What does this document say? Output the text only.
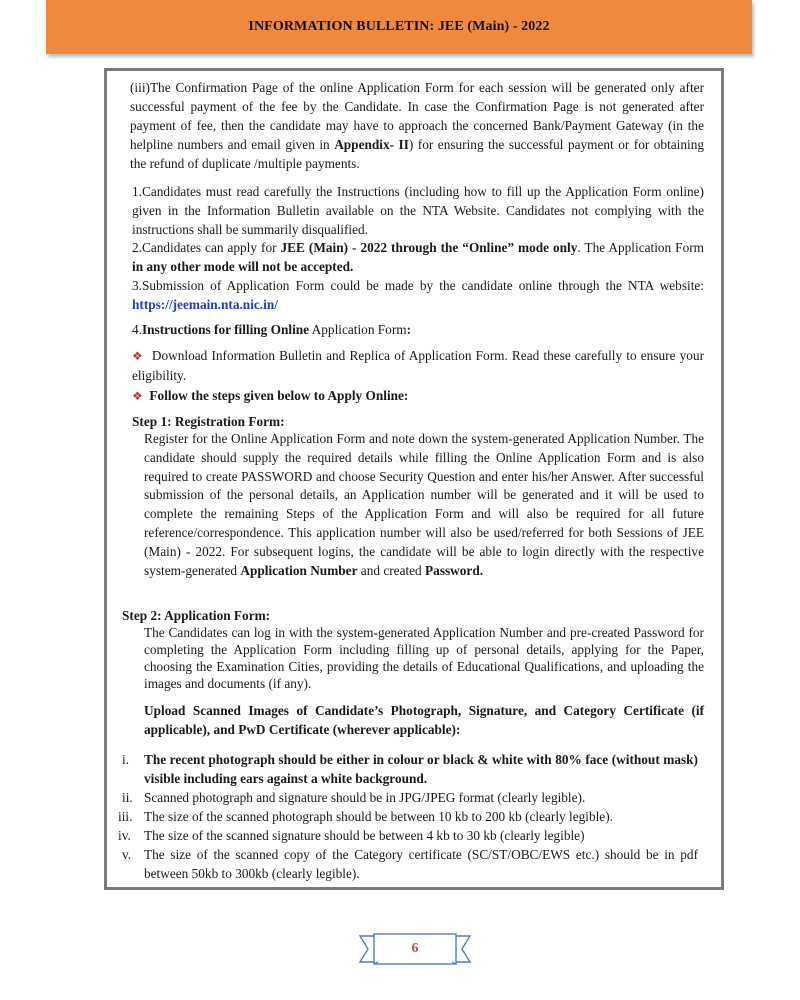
INFORMATION BULLETIN: JEE (Main) - 2022
(iii)The Confirmation Page of the online Application Form for each session will be generated only after successful payment of the fee by the Candidate. In case the Confirmation Page is not generated after payment of fee, then the candidate may have to approach the concerned Bank/Payment Gateway (in the helpline numbers and email given in Appendix- II) for ensuring the successful payment or for obtaining the refund of duplicate /multiple payments.
1.Candidates must read carefully the Instructions (including how to fill up the Application Form online) given in the Information Bulletin available on the NTA Website. Candidates not complying with the instructions shall be summarily disqualified.
2.Candidates can apply for JEE (Main) - 2022 through the “Online” mode only. The Application Form in any other mode will not be accepted.
3.Submission of Application Form could be made by the candidate online through the NTA website: https://jeemain.nta.nic.in/
4.Instructions for filling Online Application Form:
❖ Download Information Bulletin and Replica of Application Form. Read these carefully to ensure your eligibility.
❖ Follow the steps given below to Apply Online:
Step 1: Registration Form:
Register for the Online Application Form and note down the system-generated Application Number. The candidate should supply the required details while filling the Online Application Form and is also required to create PASSWORD and choose Security Question and enter his/her Answer. After successful submission of the personal details, an Application number will be generated and it will be used to complete the remaining Steps of the Application Form and will also be required for all future reference/correspondence. This application number will also be used/referred for both Sessions of JEE (Main) - 2022. For subsequent logins, the candidate will be able to login directly with the respective system-generated Application Number and created Password.
Step 2: Application Form:
The Candidates can log in with the system-generated Application Number and pre-created Password for completing the Application Form including filling up of personal details, applying for the Paper, choosing the Examination Cities, providing the details of Educational Qualifications, and uploading the images and documents (if any).
Upload Scanned Images of Candidate’s Photograph, Signature, and Category Certificate (if applicable), and PwD Certificate (wherever applicable):
i. The recent photograph should be either in colour or black & white with 80% face (without mask) visible including ears against a white background.
ii. Scanned photograph and signature should be in JPG/JPEG format (clearly legible).
iii. The size of the scanned photograph should be between 10 kb to 200 kb (clearly legible).
iv. The size of the scanned signature should be between 4 kb to 30 kb (clearly legible)
v. The size of the scanned copy of the Category certificate (SC/ST/OBC/EWS etc.) should be in pdf between 50kb to 300kb (clearly legible).
6
